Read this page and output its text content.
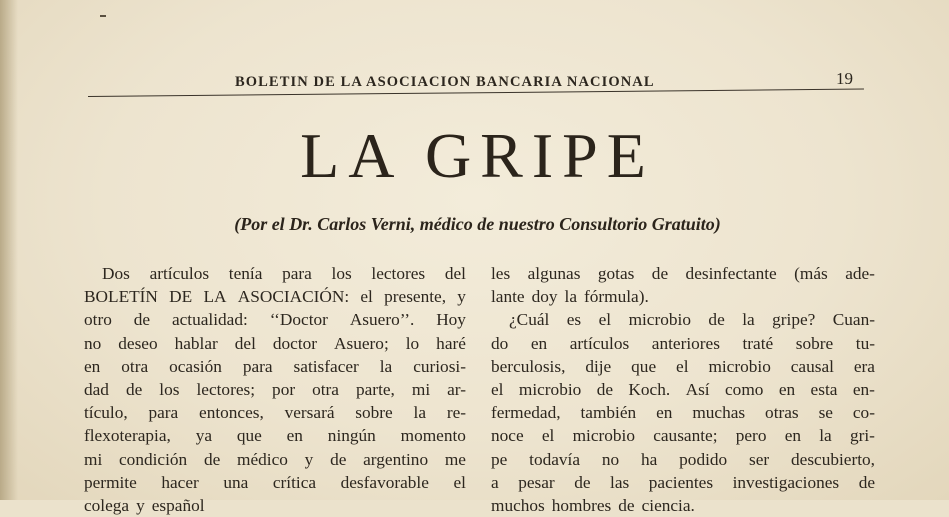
BOLETIN DE LA ASOCIACION BANCARIA NACIONAL	19
LA GRIPE
(Por el Dr. Carlos Verni, médico de nuestro Consultorio Gratuito)
Dos artículos tenía para los lectores del
BOLETÍN DE LA ASOCIACIÓN: el presente, y
otro de actualidad: ‘‘Doctor Asuero’’. Hoy
no deseo hablar del doctor Asuero; lo haré
en otra ocasión para satisfacer la curiosi-
dad de los lectores; por otra parte, mi ar-
tículo, para entonces, versará sobre la re-
flexoterapia, ya que en ningún momento
mi condición de médico y de argentino me
permite hacer una crítica desfavorable el
colega y español
les algunas gotas de desinfectante (más ade-
lante doy la fórmula).
¿Cuál es el microbio de la gripe? Cuan-
do en artículos anteriores traté sobre tu-
berculosis, dije que el microbio causal era
el microbio de Koch. Así como en esta en-
fermedad, también en muchas otras se co-
noce el microbio causante; pero en la gri-
pe todavía no ha podido ser descubierto,
a pesar de las pacientes investigaciones de
muchos hombres de ciencia.
